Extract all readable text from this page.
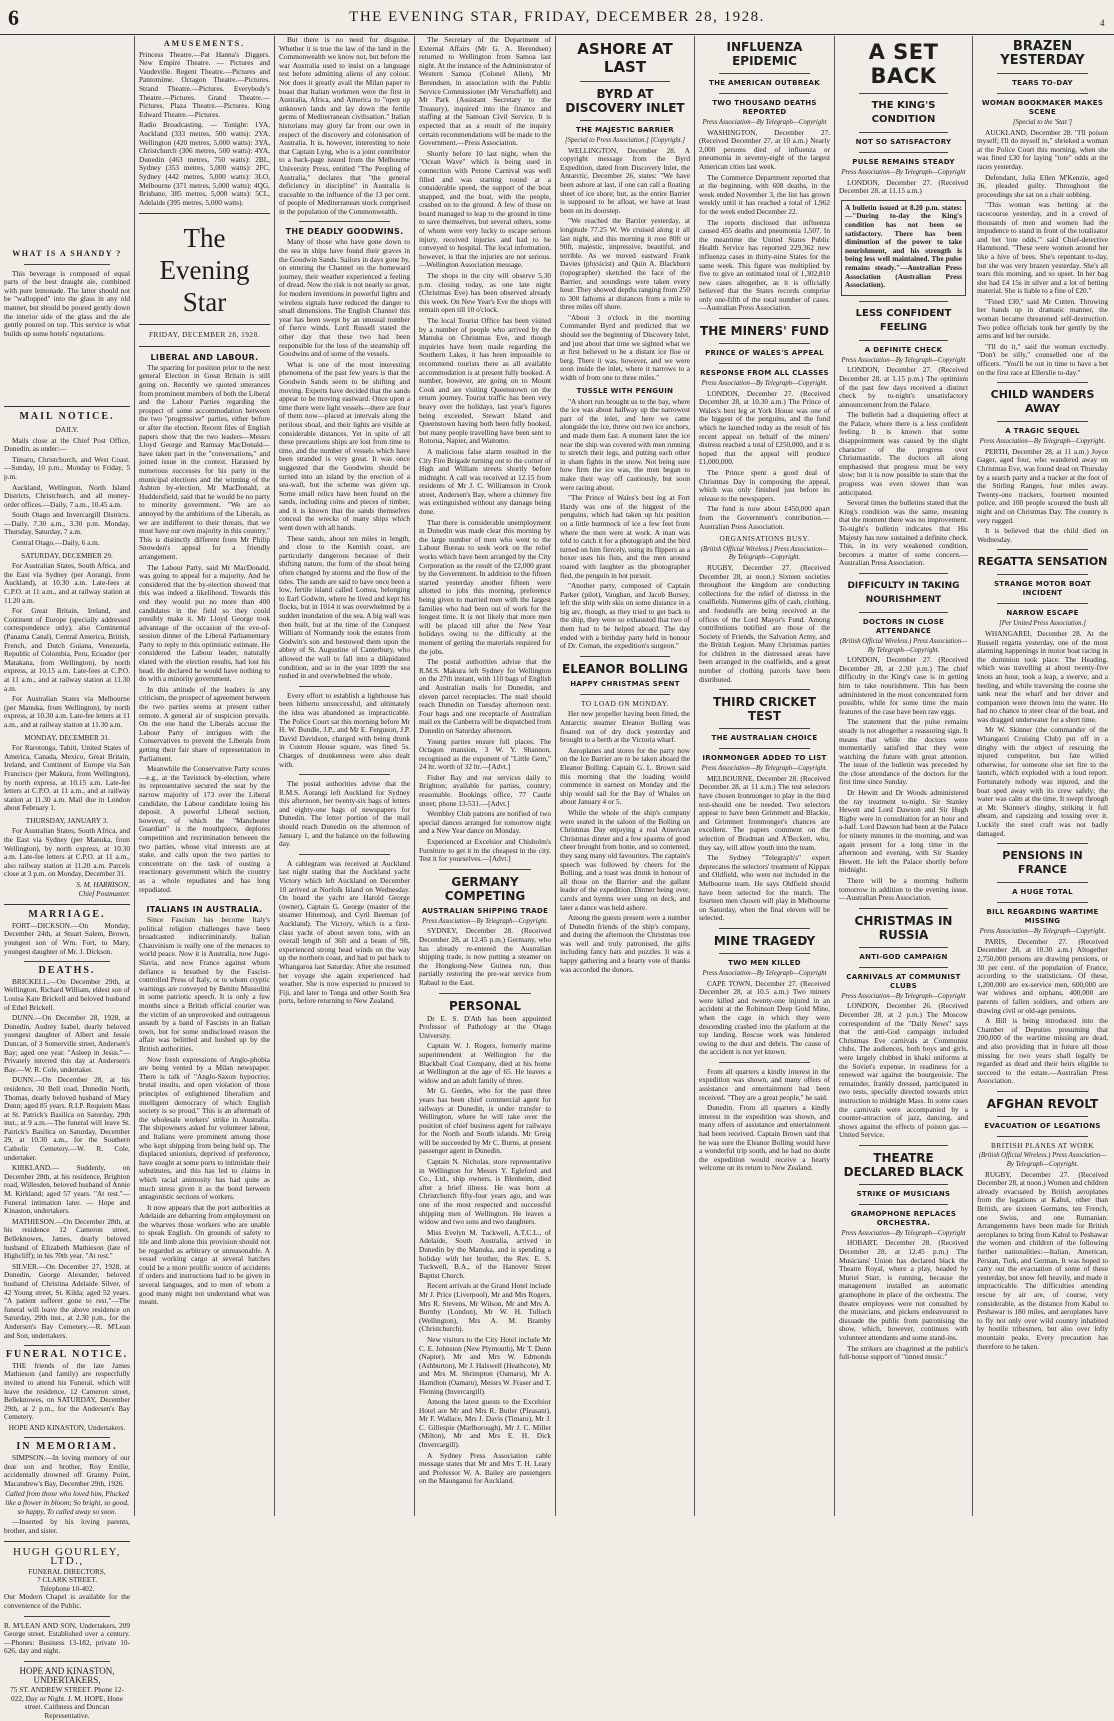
6	THE EVENING STAR, FRIDAY, DECEMBER 28, 1928.	4
WHAT IS A SHANDY ?

This beverage is composed of equal parts of the best draught ale, combined with pure lemonade. The latter should not be "wallopped" into the glass in any old manner, but should be poured gently down the interior side of the glass and the ale gently poured on top. This service is what builds up some hotels' reputations.

MAIL NOTICE.
DAILY.

Mails close at the Chief Post Office, Dunedin, as under:—

Timaru, Christchurch, and West Coast.—Sunday, 10 p.m.; Monday to Friday, 5 p.m.

Auckland, Wellington, North Island Districts, Christchurch, and all money-order offices.—Daily, 7 a.m., 10.45 a.m.

South Otago and Invercargill Districts.—Daily, 7.30 a.m., 3.30 p.m. Monday, Thursday, Saturday, 7 a.m.

Central Otago.—Daily, 6 a.m.

SATURDAY, DECEMBER 29.

For Australian States, South Africa, and the East via Sydney (per Aorangi, from Auckland), at 10.30 a.m. Late-fees at C.P.O. at 11 a.m., and at railway station at 11.20 a.m.

For Great Britain, Ireland, and Continent of Europe (specially addressed correspondence only), also Continental (Panama Canal), Central America, British, French, and Dutch Guiana, Venezuela, Republic of Colombia, Peru, Ecuador (per Matakana, from Wellington), by north express, at 10.15 a.m. Late-fees at C.P.O. at 11 a.m., and at railway station at 11.30 a.m.

For Australian States via Melbourne (per Manuka, from Wellington), by north express, at 10.30 a.m. Late-fee letters at 11 a.m., and at railway station at 11.30 a.m.

MONDAY, DECEMBER 31.

For Rarotonga, Tahiti, United States of America, Canada, Mexico, Great Britain, Ireland, and Continent of Europe via San Francisco (per Makura, from Wellington), by north express, at 10.15 a.m. Late-fee letters at C.P.O. at 11 a.m., and at railway station at 11.30 a.m. Mail due in London about February 1.

THURSDAY, JANUARY 3.

For Australian States, South Africa, and the East via Sydney (per Manuka, from Wellington), by north express, at 10.30 a.m. Late-fee letters at C.P.O. at 11 a.m., also railway station at 11.20 a.m. Parcels close at 3 p.m. on Monday, December 31.

S. M. HARRISON,
Chief Postmaster.
MARRIAGE.

FORT—DICKSON.—On Monday, December 24th, at Stuart Salem, Brown, youngest son of Wm. Fort, to Mary, youngest daughter of Mr. J. Dickson.

DEATHS.

BRICKELL.—On December 29th, at Wellington, Richard William, eldest son of Louisa Kate Brickell and beloved husband of Ethel Brickell.

DUNN.—On December 28, 1928, at Dunedin, Audrey Isabel, dearly beloved youngest daughter of Albert and Jessie Duncan, of 3 Somerville street, Andersen's Bay; aged one year. "Asleep in Jesus."—Privately interred this day at Andersen's Bay.—W. R. Cole, undertaker.

DUNN.—On December 28, at his residence, 30 Bell road, Dunedin North, Thomas, dearly beloved husband of Mary Dunn; aged 85 years. R.I.P. Requiem Mass at St. Patrick's Basilica on Saturday, 29th inst., at 9 a.m.—The funeral will leave St. Patrick's Basilica on Saturday, December 29, at 10.30 a.m., for the Southern Catholic Cemetery.—W. R. Cole, undertaker.

KIRKLAND.— Suddenly, on December 28th, at his residence, Brighton road, Willesden, beloved husband of Annie M. Kirkland; aged 57 years. "At rest."—Funeral intimation later. — Hope and Kinaston, undertakers.

MATHIESON.—On December 28th, at his residence 12 Cameron street, Belleknowes, James, dearly beloved husband of Elizabeth Mathieson (late of Highcliff); in his 70th year. "At rest."

SILVER.—On December 27, 1928, at Dunedin, George Alexander, beloved husband of Christina Adelaide Silver, of 42 Young street, St. Kilda; aged 52 years. "A patient sufferer gone to rest."—The funeral will leave the above residence on Saturday, 29th inst., at 2.30 p.m., for the Andersen's Bay Cemetery.—R. M'Lean and Son, undertakers.

FUNERAL NOTICE.

THE friends of the late James Mathieson (and family) are respectfully invited to attend his Funeral, which will leave the residence, 12 Cameron street, Belleknowes, on SATURDAY, December 29th, at 2 p.m., for the Andersen's Bay Cemetery.

HOPE AND KINASTON, Undertakers.
IN MEMORIAM.

SIMPSON.—In loving memory of our dear son and brother, Roy Emilie, accidentally drowned off Granny Point, Macandrew's Bay, December 29th, 1926.

Called from those who loved him, Plucked like a flower in bloom; So bright, so good, so happy, To called away so soon.

—Inserted by his loving parents, brother, and sister.

HUGH GOURLEY, LTD.,
FUNERAL DIRECTORS,
7 CLARK STREET.
Telephone 10-402.

Our Modern Chapel is available for the convenience of the Public.

R. M'LEAN AND SON, Undertakers, 209 George street. Established over a century.—Phones: Business 13-182, private 10-626, day and night.

HOPE AND KINASTON, UNDERTAKERS,

75 ST. ANDREW STREET. Phone 12-022, Day or Night. J. M. HOPE, Hone street. Caithness and Duncan Representative.

AMUSEMENTS.

Princess Theatre.—Pat Hanna's Diggers. New Empire Theatre. — Pictures and Vaudeville. Regent Theatre.—Pictures and Pantomime. Octagon Theatre.—Pictures. Strand Theatre.—Pictures. Everybody's Theatre.—Pictures. Grand Theatre.—Pictures. Plaza Theatre.—Pictures. King Edward Theatre.—Pictures.

Radio Broadcasting. — Tonight: 1YA, Auckland (333 metres, 500 watts): 2YA, Wellington (420 metres, 5,000 watts): 3YA, Christchurch (306 metres, 500 watts): 4YA, Dunedin (463 metres, 750 watts): 2BL, Sydney (353 metres, 5,000 watts): 2FC, Sydney (442 metres, 5,000 watts): 3LO, Melbourne (371 metres, 5,000 watts): 4QG, Brisbane, 385 metres, 5,000 watts): 5CL, Adelaide (395 metres, 5,000 watts).

The Evening Star
FRIDAY, DECEMBER 28, 1928.
LIBERAL AND LABOUR.

The sparring for position prior to the next general Election in Great Britain is still going on. Recently we quoted utterances from prominent members of both the Liberal and the Labour Parties regarding the prospect of some accommodation between the two "progressive" parties, either before or after the election. Recent files of English papers show that the two leaders—Messrs Lloyd George and Ramsay MacDonald—have taken part in the "conversations," and joined issue in the contest. Harassed by numerous successes for his party in the municipal elections and the winning of the Ashton by-election, Mr MacDonald, at Huddersfield, said that he would be no party to minority government. "We are so annoyed by the ambitions of the Liberals, as we are indifferent to their threats, that we must have our own majority in this country." This is distinctly different from Mr Philip Snowden's appeal for a friendly arrangement.

The Labour Party, said Mr MacDonald, was going to appeal for a majority. And he considered that the by-election showed that this was indeed a likelihood. Towards this end they would put no more than 400 candidates in the field so they could possibly make it. Mr Lloyd George took advantage of the occasion of the eve-of-session dinner of the Liberal Parliamentary Party to reply to this optimistic estimate. He considered the Labour leader, naturally elated with the election results, had lost his head. He declared he would have nothing to do with a minority government.

In this attitude of the leaders is any criticism, the prospect of agreement between the two parties seems at present rather remote. A general air of suspicion prevails. On the one hand the Liberals accuse the Labour Party of intrigues with the Conservatives to prevent the Liberals from getting their fair share of representation in Parliament.

Meanwhile the Conservative Party scores—e.g., at the Tavistock by-election, where its representative secured the seat by the narrow majority of 173 over the Liberal candidate, the Labour candidate losing his deposit. A powerful Liberal section, however, of which the "Manchester Guardian" is the mouthpiece, deplores competition and recrimination between the two parties, whose vital interests are at stake, and calls upon the two parties to concentrate on the task of ousting a reactionary government which the country as a whole repudiates and has long repudiated.

ITALIANS IN AUSTRALIA.

Since Fascism has become Italy's political religion challenges have been broadcasted indiscriminately. Italian Chauvinism is really one of the menaces to world peace. Now it is Australia, now Jugo-Slavia, and now France against whom defiance is breathed by the Fascist-controlled Press of Italy, or to whom cryptic warnings are conveyed by Benito Mussolini in some patriotic speech. It is only a few months since a British official courier was the victim of an unprovoked and outrageous assault by a band of Fascists in an Italian town, but for some undisclosed reason the affair was belittled and hushed up by the British authorities.

Now fresh expressions of Anglo-phobia are being vented by a Milan newspaper. There is talk of "Anglo-Saxon hypocrisy, brutal insults, and open violation of those principles of enlightened liberalism and intelligent democracy of which English society is so proud." This is an aftermath of the wholesale workers' strike in Australia. The shipowners asked for volunteer labour, and Italians were prominent among those who kept shipping from being held up. The displaced unionists, deprived of preference, have sought at some ports to intimidate their substitutes, and this has led to claims in which racial animosity has had quite as much stress given it as the bond between antagonistic sections of workers.

It now appears that the port authorities at Adelaide are debarring from employment on the wharves those workers who are unable to speak English. On grounds of safety to life and limb alone this provision should not be regarded as arbitrary or unreasonable. A vessel working cargo at several hatches could be a more prolific source of accidents if orders and instructions had to be given in several languages, and to men of whom a good many might not understand what was meant.

But there is no need for disguise. Whether it is true the law of the land in the Commonwealth we know not, but before the war Australia used to insist on a language test before admitting aliens of any colour. Nor does it greatly avail the Milan paper to boast that Italian workmen were the first in Australia, Africa, and America to "open up unknown lands and lay down the fertile germs of Mediterranean civilisation." Italian historians may glory far from our own in respect of the discovery and colonisation of Australia. It is, however, interesting to note that Captain Lyng, who is a joint contributor to a back-page issued from the Melbourne University Press, entitled "The Peopling of Australia," declares that "the general deficiency in discipline" in Australia is traceable to the influence of the 13 per cent. of people of Mediterranean stock comprised in the population of the Commonwealth.

THE DEADLY GOODWINS.

Many of those who have gone down to the sea in ships have found their graves in the Goodwin Sands. Sailors in days gone by, on entering the Channel on the homeward journey, their weather experienced a feeling of dread. Now the risk is not nearly so great, for modern inventions in powerful lights and wireless signals have reduced the danger to small dimensions. The English Channel this year has been swept by an unusual number of fierce winds. Lord Russell stated the other day that these two had been responsible for the loss of the steamship off Goodwins and of some of the vessels.

What is one of the most interesting phenomena of the past few years is that the Goodwin Sands seem to be shifting and moving. Experts have decided that the sands appear to be moving eastward. Once upon a time there were light vessels—there are four of them now—placed at intervals along the perilous shoal, and their lights are visible at considerable distances. Yet in spite of all these precautions ships are lost from time to time, and the number of vessels which have been stranded is very great. It was once suggested that the Goodwins should be turned into an island by the erection of a sea-wall, but the scheme was given up. Some small relics have been found on the sands, including coins and pieces of timber, and it is known that the sands themselves conceal the wrecks of many ships which went down with all hands.

These sands, about ten miles in length, and close to the Kentish coast, are particularly dangerous because of their shifting nature, the form of the shoal being often changed by storms and the flow of the tides. The sands are said to have once been a low, fertile island called Lomea, belonging to Earl Godwin, where he lived and kept his flocks, but in 1014 it was overwhelmed by a sudden inundation of the sea. A big wall was then built, but at the time of the Conquest William of Normandy took the estates from Godwin's son and bestowed them upon the abbey of St. Augustine of Canterbury, who allowed the wall to fall into a dilapidated condition, and so in the year 1099 the sea rushed in and overwhelmed the whole.

Every effort to establish a lighthouse has been hitherto unsuccessful, and ultimately the idea was abandoned as impracticable. The Police Court sat this morning before Mr H. W. Bundle, J.P., and Mr E. Ferguson, J.P. David Davidson, charged with being drunk in Custom House square, was fined 5s. Charges of drunkenness were also dealt with.

The postal authorities advise that the R.M.S. Aorangi left Auckland for Sydney this afternoon, her twenty-six bags of letters and eighty-one bags of newspapers for Dunedin. The letter portion of the mail should reach Dunedin on the afternoon of January 1, and the balance on the following day.

A cablegram was received at Auckland last night stating that the Auckland yacht Victory which left Auckland on December 10 arrived at Norfolk Island on Wednesday. On board the yacht are Harold George (owner), Captain G. George (master of the steamer Hinemoa), and Cyril Beeman (of Auckland). The Victory, which is a first-class yacht of about seven tons, with an overall length of 36ft and a beam of 9ft, experienced strong head winds on the way up the northern coast, and had to put back to Whangaroa last Saturday. After she resumed her voyage she again experienced bad weather. She is now expected to proceed to Fiji, and later to Tonga and other South Sea ports, before returning to New Zealand.

The Secretary of the Department of External Affairs (Mr G. A. Berendsen) returned to Wellington from Samoa last night. At the instance of the Administrator of Western Samoa (Colonel Allen), Mr Berendsen, in association with the Public Service Commissioner (Mr Verschaffelt) and Mr Park (Assistant Secretary to the Treasury), inquired into the finance and staffing at the Samoan Civil Service. It is expected that as a result of the inquiry certain recommendations will be made to the Government.—Press Association.

Shortly before 10 last night, when the "Ocean Wave" which is being used in connection with Petone Carnival was well filled and was starting round at a considerable speed, the support of the boat snapped, and the boat, with the people, crashed on to the ground. A few of those on board managed to leap to the ground in time to save themselves, but several others, some of whom were very lucky to escape serious injury, received injuries and had to be conveyed to hospital. The local information, however, is that the injuries are not serious.—Wellington Association message.

The shops in the city will observe 5.30 p.m. closing today, as one late night (Christmas Eve) has been observed already this week. On New Year's Eve the shops will remain open till 10 o'clock.

The local Tourist Office has been visited by a number of people who arrived by the Manuka on Christmas Eve, and though inquiries have been made regarding the Southern Lakes, it has been impossible to recommend tourists there as all available accommodation is at present fully booked. A number, however, are going on to Mount Cook and are visiting Queenstown on the return journey. Tourist traffic has been very heavy over the holidays, last year's figures being exceeded, Stewart Island and Queenstown having both been fully booked, but many people travelling have been sent to Rotorua, Napier, and Waitomo.

A malicious false alarm resulted in the City Fire Brigade turning out to the corner of High and William streets shortly before midnight. A call was received at 12.15 from residents of Mr J. C. Williamson in Crook street, Andersen's Bay, where a chimney fire was extinguished without any damage being done.

That there is considerable unemployment in Dunedin was made clear this morning by the large number of men who went to the Labour Bureau to seek work on the relief works which have been arranged by the City Corporation as the result of the £2,000 grant by the Government. In addition to the fifteen started yesterday another fifteen were allotted to jobs this morning, preference being given to married men with the largest families who had been out of work for the longest time. It is not likely that more men will be placed till after the New Year holidays owing to the difficulty at the moment of getting the materials required for the jobs.

The postal authorities advise that the R.M.S. Makura left Sydney for Wellington on the 27th instant, with 110 bags of English and Australian mails for Dunedin, and eleven parcel receptacles. The mail should reach Dunedin on Tuesday afternoon next. Four bags and one receptacle of Australian mail ex the Canberra will be dispatched from Dunedin on Saturday afternoon.

Young parties ensure full places. The Octagon mansion, 3 W. Y. Shannon, recognised as the exponent of "Little Gem," 24 ltr. worth of 32 ltr.—[Advt.]

Fisher Bay and our services daily to Brighton; available for parties, country; reasonable. Bookings office, 77 Castle street; phone 13-531.—[Advt.]

Wembley Club patrons are notified of two special dances arranged for tomorrow night and a New Year dance on Monday.

Experienced at Excelsior and Chisholm's Furniture to get it in the cheapest in the city. Test it for yourselves.—[Advt.]

GERMANY COMPETING
AUSTRALIAN SHIPPING TRADE
Press Association—By Telegraph—Copyright.

SYDNEY, December 28. (Received December 28, at 12.45 p.m.) Germany, who has already re-entered the Australian shipping trade, is now putting a steamer on the Hongkong-New Guinea run, thus partially restoring the pre-war service from Rabaul to the East.

PERSONAL

Dr E. S. D'Ath has been appointed Professor of Pathology at the Otago University.

Captain W. J. Rogers, formerly marine superintendent at Wellington for the Blackball Coal Company, died at his home at Wellington at the age of 65. He leaves a widow and an adult family of three.

Mr G. Gerdes, who for the past three years has been chief commercial agent for railways at Dunedin, is under transfer to Wellington, where he will take over the position of chief business agent for railways for the North and South islands. Mr Greig will be succeeded by Mr C. Burns, at present passenger agent in Dunedin.

Captain N. Nicholas, store representative in Wellington for Messrs Y. Egleford and Co., Ltd., ship owners, is Blenheim, died after a brief illness. He was born at Christchurch fifty-four years ago, and was one of the most respected and successful shipping men of Wellington. He leaves a widow and two sons and two daughters.

Miss Evelyn M. Tuckwell, A.T.C.L., of Adelaide, South Australia, arrived in Dunedin by the Manuka, and is spending a holiday with her brother, the Rev. E. S. Tuckwell, B.A., of the Hanover Street Baptist Church.

Recent arrivals at the Grand Hotel include Mr J. Price (Liverpool), Mr and Mrs Rogers, Mrs R. Stevens, Mr Wilson, Mr and Mrs A. Burnby (London), Mr W. H. Tulloch (Wellington), Mrs A. M. Bramby (Christchurch).

New visitors to the City Hotel include Mr C. E. Johnston (New Plymouth), Mr T. Dunn (Napier), Mr and Mrs W. Edmonds (Ashburton), Mr J. Halswell (Heathcote), Mr and Mrs M. Shrimpton (Oamaru), Mr A. Hamilton (Oamaru), Messrs W. Fraser and T. Fleming (Invercargill).

Among the latest guests to the Excelsior Hotel are Mr and Mrs R. Butler (Pleasant), Mr F. Wallace, Mrs J. Davis (Timaru), Mr J. C. Gillespie (Marlborough), Mr J. C. Miller (Milton), Mr and Mrs E. H. Dick (Invercargill).

A Sydney Press Association cable message states that Mr and Mrs T. H. Leary and Professor W. A. Bailey are passengers on the Maunganui for Auckland.

ASHORE AT LAST
BYRD AT DISCOVERY INLET
THE MAJESTIC BARRIER
[Special to Press Association.] [Copyright.]

WELLINGTON, December 28. A copyright message from the Byrd Expedition, dated from Discovery Inlet, the Antarctic, December 26, states: "We have been ashore at last, if one can call a floating sheet of ice shore; but, as the entire Barrier is supposed to be afloat, we have at least been on its doorstep.

"We reached the Barrier yesterday, at longitude 77.25 W. We cruised along it all last night, and this morning it rose 80ft or 90ft, majestic, impressive, beautiful, and terrible. As we moved eastward Frank Davies (physicist) and Quin A. Blackburn (topographer) sketched the face of the Barrier, and soundings were taken every hour. They showed depths ranging from 250 to 300 fathoms at distances from a mile to three miles off shore.

"About 3 o'clock in the morning Commander Byrd and predicted that we should see the beginning of Discovery Inlet, and just about that time we sighted what we at first believed to be a distant ice floe or berg. There it was, however, and we were soon inside the inlet, where it narrows to a width of from one to three miles."

TUSSLE WITH PENGUIN

"A short run brought us to the bay, where the ice was about halfway up the narrowest part of the inlet, and here we came alongside the ice, threw out two ice anchors, and made them fast. A moment later the ice near the ship was covered with men running to stretch their legs, and putting each other in sham fights in the snow. Not being sure how firm the ice was, the men began to make their way off cautiously, but soon were racing about.

"The Prince of Wales's best leg at Fort Hardy was one of the biggest of the penguins, which had taken up his position on a little hummock of ice a few feet from where the men were at work. A man was told to catch it for a photograph and the bird turned on him fiercely, using its flippers as a boxer uses his fists, and the men around roared with laughter as the photographer fled, the penguin in hot pursuit.

"Another party, composed of Captain Parker (pilot), Vaughan, and Jacob Bursey, left the ship with skis on some distance in a big arc, though, as they tried to get back to the ship, they were so exhausted that two of them had to be helped aboard. The day ended with a birthday party held in honour of Dr. Coman, the expedition's surgeon."

ELEANOR BOLLING
HAPPY CHRISTMAS SPENT
TO LOAD ON MONDAY.

Her new propeller having been fitted, the Antarctic steamer Eleanor Bolling was floated out of dry dock yesterday and brought to a berth at the Victoria wharf.

Aeroplanes and stores for the party now on the Ice Barrier are to be taken aboard the Eleanor Bolling. Captain G. L. Brown said this morning that the loading would commence in earnest on Monday and the ship would sail for the Bay of Whales on about January 4 or 5.

While the whole of the ship's company were seated in the saloon of the Bolling on Christmas Day enjoying a real American Christmas dinner and a few spasms of good cheer brought from home, and so contented, they sang many old favourites. The captain's speech was followed by cheers for the Bolling, and a toast was drunk in honour of all those on the Barrier and the gallant leader of the expedition. Dinner being over, carols and hymns were sung on deck, and later a dance was held ashore.

Among the guests present were a number of Dunedin friends of the ship's company, and during the afternoon the Christmas tree was well and truly patronised, the gifts including fancy hats and puzzles. It was a happy gathering and a hearty vote of thanks was accorded the donors.

INFLUENZA EPIDEMIC
THE AMERICAN OUTBREAK
TWO THOUSAND DEATHS REPORTED
Press Association—By Telegraph—Copyright

WASHINGTON, December 27. (Received December 27, at 10 a.m.) Nearly 2,000 persons died of influenza or pneumonia in seventy-eight of the largest American cities last week.

The Commerce Department reported that at the beginning, with 608 deaths, in the week ended November 3, the list has grown weekly until it has reached a total of 1,962 for the week ended December 22.

The reports disclosed that influenza caused 455 deaths and pneumonia 1,507. In the meantime the United States Public Health Service has reported 229,362 new influenza cases in thirty-nine States for the same week. This figure was multiplied by five to give an estimated total of 1,302,810 new cases altogether, as it is officially believed that the States records comprise only one-fifth of the total number of cases.—Australian Press Association.

THE MINERS' FUND
PRINCE OF WALES'S APPEAL
RESPONSE FROM ALL CLASSES
Press Association—By Telegraph—Copyright.

LONDON, December 27. (Received December 28, at 10.30 a.m.) The Prince of Wales's best leg at York House was one of the biggest of the penguins, and the fund which he launched today as the result of his recent appeal on behalf of the miners' distress reached a total of £250,000, and it is hoped that the appeal will produce £1,000,000.

The Prince spent a good deal of Christmas Day in composing the appeal, which was only finished just before its release to the newspapers.

The fund is now about £450,000 apart from the Government's contribution.—Australian Press Association.

ORGANISATIONS BUSY.
(British Official Wireless.) Press Association—By Telegraph—Copyright.

RUGBY, December 27. (Received December 28, at noon.) Sixteen societies throughout the kingdom are conducting collections for the relief of distress in the coalfields. Numerous gifts of cash, clothing, and foodstuffs are being received at the offices of the Lord Mayor's Fund. Among contributions notified are those of the Society of Friends, the Salvation Army, and the British Legion. Many Christmas parties for children in the distressed areas have been arranged in the coalfields, and a great number of clothing parcels have been distributed.

THIRD CRICKET TEST
THE AUSTRALIAN CHOICE
IRONMONGER ADDED TO LIST
Press Association—By Telegraph—Copyright.

MELBOURNE, December 28. (Received December 28, at 11 a.m.) The test selectors have chosen Ironmonger to play in the third test-should one be needed. Two selectors appear to have been Grimmett and Blackie, and Grimmett Ironmonger's chances are excellent. The papers comment on the selection of Bradman and A'Beckett, who, they say, will allow youth into the team.

The Sydney "Telegraph's" expert deprecates the selectors' treatment of Kippax and Oldfield, who were not included in the Melbourne team. He says Oldfield should have been selected for the match. The fourteen men chosen will play in Melbourne on Saturday, when the final eleven will be selected.

MINE TRAGEDY
TWO MEN KILLED
Press Association—By Telegraph—Copyright

CAPE TOWN, December 27. (Received December 28, at 10.5 a.m.) Two miners were killed and twenty-one injured in an accident at the Robinson Deep Gold Mine, when the cage in which they were descending crashed into the platform at the top landing. Rescue work was hindered owing to the dust and debris. The cause of the accident is not yet known.

From all quarters a kindly interest in the expedition was shown, and many offers of assistance and entertainment had been received. "They are a great people," he said.

Dunedin. From all quarters a kindly interest in the expedition was shown, and many offers of assistance and entertainment had been received. Captain Brown said that he was sure the Eleanor Bolling would have a wonderful trip south, and he had no doubt the expedition would receive a hearty welcome on its return to New Zealand.

A SET BACK
THE KING'S CONDITION
NOT SO SATISFACTORY
PULSE REMAINS STEADY
Press Association—By Telegraph—Copyright

LONDON, December 27. (Received December 28, at 11.15 a.m.)

A bulletin issued at 8.20 p.m. states:—"During to-day the King's condition has not been so satisfactory. There has been diminution of the power to take nourishment, and his strength is being less well maintained. The pulse remains steady."—Australian Press Association (Australian Press Association).

LESS CONFIDENT FEELING
A DEFINITE CHECK
Press Association—By Telegraph—Copyright

LONDON, December 27. (Received December 28, at 1.15 p.m.) The optimism of the past few days received a distinct check by to-night's unsatisfactory announcement from the Palace.

The bulletin had a disquieting effect at the Palace, where there is a less confident feeling. It is known that some disappointment was caused by the slight character of the progress over Christmastide. The doctors all along emphasised that progress must be very slow; but it is now possible to state that the progress was even slower than was anticipated.

Several times the bulletins stated that the King's condition was the same, meaning that the moment there was no improvement. To-night's bulletin indicates that His Majesty has now sustained a definite check. This, in its very weakened condition, becomes a matter of some concern.—Australian Press Association.

DIFFICULTY IN TAKING NOURISHMENT
DOCTORS IN CLOSE ATTENDANCE
(British Official Wireless.) Press Association—By Telegraph—Copyright.

LONDON, December 27. (Received December 28, at 2.30 p.m.) The chief difficulty in the King's case is in getting him to take nourishment. This has been administered in the most concentrated form possible, while for some time the main features of the case have been raw eggs.

The statement that the pulse remains steady is not altogether a reassuring sign. It means that while the doctors were momentarily satisfied that they were watching the future with great attention. The issue of the bulletin was preceded by the close attendance of the doctors for the first time since Sunday.

Dr Hewitt and Dr Woods administered the ray treatment to-night. Sir Stanley Hewett and Lord Dawson and Sir Hugh Rigby were in consultation for an hour and a-half. Lord Dawson had been at the Palace for ninety minutes in the morning, and was again present for a long time in the afternoon and evening, with Sir Stanley Hewett. He left the Palace shortly before midnight.

There will be a morning bulletin tomorrow in addition to the evening issue.—Australian Press Association.

CHRISTMAS IN RUSSIA
ANTI-GOD CAMPAIGN
CARNIVALS AT COMMUNIST CLUBS
Press Association—By Telegraph—Copyright

LONDON, December 26. (Received December 28, at 2 p.m.) The Moscow correspondent of the "Daily News" says that the anti-God campaign included Christmas Eve carnivals at Communist clubs. The audiences, both boys and girls, were largely clubbed in khaki uniforms at the Soviet's expense, in readiness for a renewed war against the bourgeoisie. The remainder, frankly dressed, participated in two tests, specially directed towards strict instruction to midnight Mass. In some cases the carnivals were accompanied by a counter-attraction of jazz, dancing, and shows against the effects of poison gas.—United Service.

THEATRE DECLARED BLACK
STRIKE OF MUSICIANS
GRAMOPHONE REPLACES ORCHESTRA.
Press Association—By Telegraph—Copyright

HOBART, December 28. (Received December 28, at 12.45 p.m.) The Musicians' Union has declared black the Theatre Royal, where a play, headed by Muriel Starr, is running, because the management installed an automatic gramophone in place of the orchestra. The theatre employees were not consulted by the musicians, and pickets endeavoured to dissuade the public from patronising the show, which, however, continues with volunteer attendants and some stand-ins.

The strikers are chagrined at the public's full-house support of "tinned music."

BRAZEN YESTERDAY
TEARS TO-DAY
WOMAN BOOKMAKER MAKES SCENE
[Special to the 'Star.']

AUCKLAND, December 28. "I'll poison myself; I'll do myself in," shrieked a woman at the Police Court this morning, when she was fined £30 for laying "tote" odds at the races yesterday.

Defendant, Julia Ellen M'Kenzie, aged 36, pleaded guilty. Throughout the proceedings she sat on a chair sobbing.

"This woman was betting at the racecourse yesterday, and in a crowd of thousands of men and women had the impudence to stand in front of the totalisator and bet 'tote odds,'" said Chief-detective Hammond. "These were women around her like a hive of bees. She's repentant to-day, but she was very brazen yesterday. She's all tears this morning, and so upset. In her bag she had £4 15s in silver and a lot of betting material. She is liable to a fine of £20."

"Fined £30," said Mr Cutten. Throwing her hands up in dramatic manner, the woman became threatened self-destruction. Two police officials took her gently by the arms and led her outside.

"I'll do it," said the woman excitedly. "Don't be silly," counselled one of the officers. "You'll be out in time to have a bet on the first race at Ellerslie to-day."

CHILD WANDERS AWAY
A TRAGIC SEQUEL
Press Association—By Telegraph—Copyright.

PERTH, December 28, at 11 a.m.) Joyce Gager, aged four, who wandered away on Christmas Eve, was found dead on Thursday by a search party and a tracker at the foot of the Stirling Ranges, four miles away. Twenty-one trackers, fourteen mounted police, and 100 people scoured the bush all night and on Christmas Day. The country is very rugged.

It is believed that the child died on Wednesday.

REGATTA SENSATION
STRANGE MOTOR BOAT INCIDENT
NARROW ESCAPE
[Per United Press Association.]

WHANGAREI, December 28. At the Russell regatta yesterday, one of the most alarming happenings in motor boat racing in the dominion took place. The Heading, which was travelling at about twenty-five knots an hour, took a leap, a swerve, and a heeling, and while traversing the course she sank near the wharf and her driver and companion were thrown into the water. He had no chance to steer clear of the boat, and was dragged underwater for a short time.

Mr W. Skinner (the commander of the Whangarei Cruising Club) put off in a dinghy with the object of rescuing the injured competitor, but fate willed otherwise, for someone else set fire to the launch, which exploded with a loud report. Fortunately nobody was injured, and the boat sped away with its crew safely; the water was calm at the time. It swept through at Mr. Skinner's dinghy, striking it full abeam, and capsizing and tossing over it. Luckily the steel craft was not badly damaged.

PENSIONS IN FRANCE
A HUGE TOTAL
BILL REGARDING WARTIME MISSING
Press Association—By Telegraph—Copyright.

PARIS, December 27. (Received December 28, at 10.30 a.m.) Altogether 2,750,000 persons are drawing pensions, or 30 per cent. of the population of France, according to the statisticians. Of these, 1,200,000 are ex-service men, 600,000 are war widows and orphans, 400,000 are parents of fallen soldiers, and others are drawing civil or old-age pensions.

A Bill is being introduced into the Chamber of Deputies presuming that 200,000 of the wartime missing are dead, and also providing that in future all those missing for two years shall legally be regarded as dead and their heirs eligible to succeed to the estate.—Australian Press Association.

AFGHAN REVOLT
EVACUATION OF LEGATIONS
BRITISH PLANES AT WORK
(British Official Wireless.) Press Association—By Telegraph—Copyright.

RUGBY, December 27. (Received December 28, at noon.) Women and children already evacuated by British aeroplanes from the legations at Kabul, other than British, are sixteen Germans, ten French, one Swiss, and one Rumanian. Arrangements have been made for British aeroplanes to bring from Kabul to Peshawar the women and children of the following further nationalities:—Italian, American, Persian, Turk, and German. It was hoped to carry out the evacuation of some of these yesterday, but snow fell heavily, and made it impracticable. The difficulties attending rescue by air are, of course, very considerable, as the distance from Kabul to Peshawar is 180 miles, and aeroplanes have to fly not only over wild country inhabited by hostile tribesmen, but also over lofty mountain peaks. Every precaution has therefore to be taken.
